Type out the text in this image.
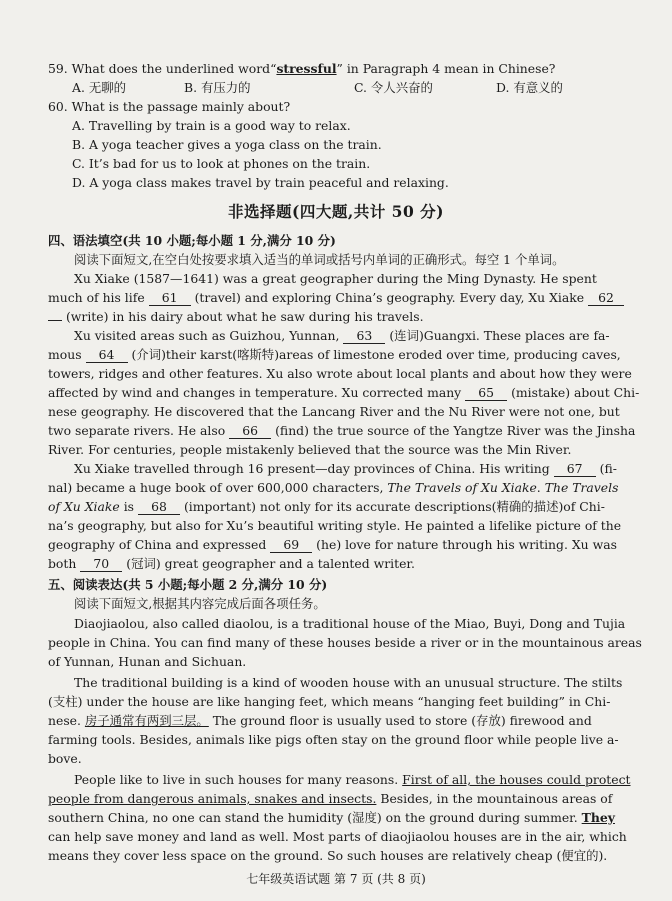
59. What does the underlined word“stressful” in Paragraph 4 mean in Chinese?
A. 无聊的	B. 有压力的	C. 令人兴奋的	D. 有意义的
60. What is the passage mainly about?
A. Travelling by train is a good way to relax.
B. A yoga teacher gives a yoga class on the train.
C. It’s bad for us to look at phones on the train.
D. A yoga class makes travel by train peaceful and relaxing.
非选择题(四大题,共计 50 分)
四、语法填空(共 10 小题;每小题 1 分,满分 10 分)
阅读下面短文,在空白处按要求填入适当的单词或括号内单词的正确形式。每空 1 个单词。
Xu Xiake (1587—1641) was a great geographer during the Ming Dynasty. He spent
much of his life 61 (travel) and exploring China’s geography. Every day, Xu Xiake 62
(write) in his dairy about what he saw during his travels.
Xu visited areas such as Guizhou, Yunnan, 63 (连词)Guangxi. These places are fa-
mous 64 (介词)their karst(喀斯特)areas of limestone eroded over time, producing caves,
towers, ridges and other features. Xu also wrote about local plants and about how they were
affected by wind and changes in temperature. Xu corrected many 65 (mistake) about Chi-
nese geography. He discovered that the Lancang River and the Nu River were not one, but
two separate rivers. He also 66 (find) the true source of the Yangtze River was the Jinsha
River. For centuries, people mistakenly believed that the source was the Min River.
Xu Xiake travelled through 16 present—day provinces of China. His writing 67 (fi-
nal) became a huge book of over 600,000 characters, The Travels of Xu Xiake. The Travels
of Xu Xiake is 68 (important) not only for its accurate descriptions(精确的描述)of Chi-
na’s geography, but also for Xu’s beautiful writing style. He painted a lifelike picture of the
geography of China and expressed 69 (he) love for nature through his writing. Xu was
both 70 (冠词) great geographer and a talented writer.
五、阅读表达(共 5 小题;每小题 2 分,满分 10 分)
阅读下面短文,根据其内容完成后面各项任务。
Diaojiaolou, also called diaolou, is a traditional house of the Miao, Buyi, Dong and Tujia
people in China. You can find many of these houses beside a river or in the mountainous areas
of Yunnan, Hunan and Sichuan.
The traditional building is a kind of wooden house with an unusual structure. The stilts
(支柱) under the house are like hanging feet, which means “hanging feet building” in Chi-
nese. 房子通常有两到三层。 The ground floor is usually used to store (存放) firewood and
farming tools. Besides, animals like pigs often stay on the ground floor while people live a-
bove.
People like to live in such houses for many reasons. First of all, the houses could protect
people from dangerous animals, snakes and insects. Besides, in the mountainous areas of
southern China, no one can stand the humidity (湿度) on the ground during summer. They
can help save money and land as well. Most parts of diaojiaolou houses are in the air, which
means they cover less space on the ground. So such houses are relatively cheap (便宜的).
七年级英语试题 第 7 页 (共 8 页)
